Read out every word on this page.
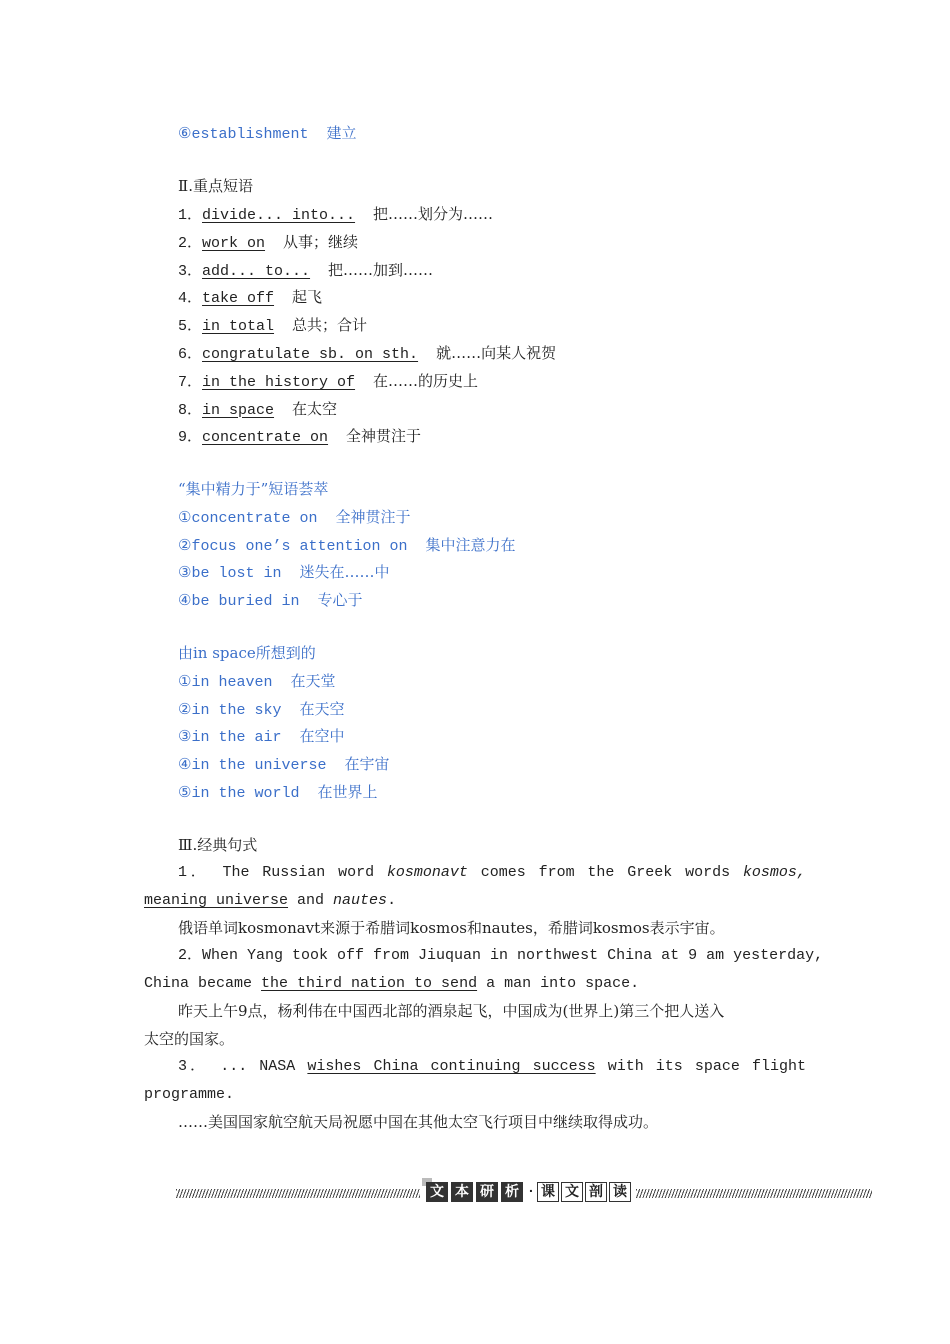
⑥establishment 建立
Ⅱ.重点短语
1．divide... into... 把……划分为……
2．work on 从事；继续
3．add... to... 把……加到……
4．take off 起飞
5．in total 总共；合计
6．congratulate sb. on sth. 就……向某人祝贺
7．in the history of 在……的历史上
8．in space 在太空
9．concentrate on 全神贯注于
“集中精力于”短语荟萃
①concentrate on 全神贯注于
②focus one’s attention on 集中注意力在
③be lost in 迷失在……中
④be buried in 专心于
由in space所想到的
①in heaven 在天堂
②in the sky 在天空
③in the air 在空中
④in the universe 在宇宙
⑤in the world 在世界上
Ⅲ.经典句式
1． The Russian word kosmonavt comes from the Greek words kosmos,
meaning universe and nautes.
俄语单词kosmonavt来源于希腊词kosmos和nautes，希腊词kosmos表示宇宙。
2．When Yang took off from Jiuquan in northwest China at 9 am yesterday,
China became the third nation to send a man into space.
昨天上午9点，杨利伟在中国西北部的酒泉起飞，中国成为(世界上)第三个把人送入
太空的国家。
3． ... NASA wishes China continuing success with its space flight
programme.
……美国国家航空航天局祝愿中国在其他太空飞行项目中继续取得成功。
文 本 研 析 · 课 文 剖 读
